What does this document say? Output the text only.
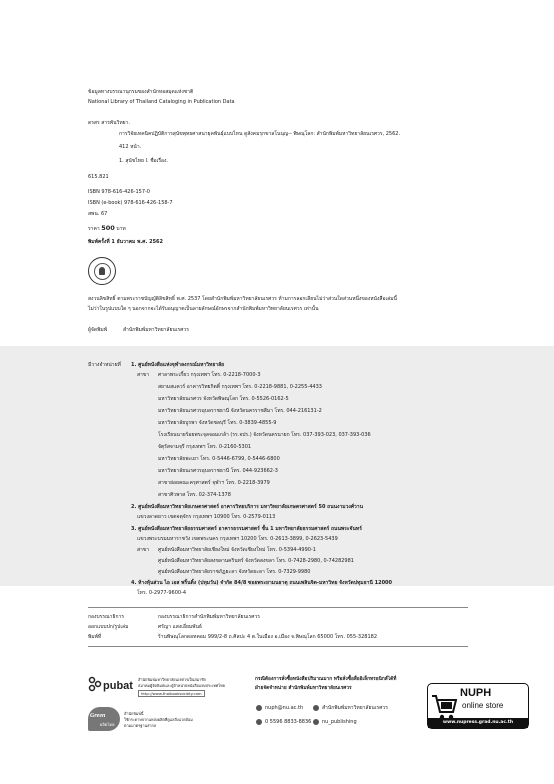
ข้อมูลทางบรรณานุกรมของสำนักหอสมุดแห่งชาติ
National Library of Thailand Cataloging in Publication Data
ดรสร สารพันวิทยา.
การวิจัยเทคนิคปฏิบัติการสุนัขพุทธศาสนายุคพันธุ์แบบไหน ดูสังคมรุกขาลโนนุญ-- พิษณุโลก: สำนักพิมพ์มหาวิทยาลัยนเรศวร, 2562.
412 หน้า.
1. สุนัขไทย I. ชื่อเรื่อง.
615.821
ISBN 978-616-426-157-0
ISBN (e-book) 978-616-426-158-7
สพน. 67
ราคา 500 บาท
พิมพ์ครั้งที่ 1 ธันวาคม พ.ศ. 2562
สงวนลิขสิทธิ์ ตามพระราชบัญญัติลิขสิทธิ์ พ.ศ. 2537 โดยสำนักพิมพ์มหาวิทยาลัยนเรศวร ห้ามการลอกเลียนไม่ว่าส่วนใดส่วนหนึ่งของหนังสือเล่มนี้
ไม่ว่าในรูปแบบใด ๆ นอกจากจะได้รับอนุญาตเป็นลายลักษณ์อักษรจากสำนักพิมพ์มหาวิทยาลัยนเรศวร เท่านั้น
ผู้จัดพิมพ์	สำนักพิมพ์มหาวิทยาลัยนเรศวร
มีวางจำหน่ายที่ 1. ศูนย์หนังสือแห่งจุฬาลงกรณ์มหาวิทยาลัย
สาขา ศาลาพระเกี้ยว กรุงเทพฯ โทร. 0-2218-7000-3
สยามสแควร์ อาคารวิทยกิตติ์ กรุงเทพฯ โทร. 0-2218-9881, 0-2255-4433
มหาวิทยาลัยนเรศวร จังหวัดพิษณุโลก โทร. 0-5526-0162-5
มหาวิทยาลัยนเรศวรอุบลราชธานี จังหวัดนครราชสีมา โทร. 044-216131-2
มหาวิทยาลัยบูรพา จังหวัดชลบุรี โทร. 0-3839-4855-9
โรงเรียนนายร้อยพระจุลจอมเกล้า (รร.จปร.) จังหวัดนครนายก โทร. 037-393-023, 037-393-036
จัตุรัสจามจุรี กรุงเทพฯ โทร. 0-2160-5301
มหาวิทยาลัยพะเยา โทร. 0-5446-6799, 0-5446-6800
มหาวิทยาลัยนเรศวรอุบลราชธานี โทร. 044-923662-3
สาขาย่อยคณะครุศาสตร์ จุฬาฯ โทร. 0-2218-3979
สาขาศิวพาส โทร. 02-374-1378
2. ศูนย์หนังสือมหาวิทยาลัยเกษตรศาสตร์ อาคารวิทยบริการ มหาวิทยาลัยเกษตรศาสตร์ 50 ถนนงามวงศ์วาน
แขวงลาดยาว เขตจตุจักร กรุงเทพฯ 10900 โทร. 0-2579-0113
3. ศูนย์หนังสือมหาวิทยาลัยธรรมศาสตร์ อาคารธรรมศาสตร์ ชั้น 1 มหาวิทยาลัยธรรมศาสตร์ ถนนพระจันทร์
แขวงพระบรมมหาราชวัง เขตพระนคร กรุงเทพฯ 10200 โทร. 0-2613-3899, 0-2623-5439
สาขา ศูนย์หนังสือมหาวิทยาลัยเชียงใหม่ จังหวัดเชียงใหม่ โทร. 0-5394-4990-1
ศูนย์หนังสือมหาวิทยาลัยสงขลานครินทร์ จังหวัดสงขลา โทร. 0-7428-2980, 0-74282981
ศูนย์หนังสือมหาวิทยาลัยราชภัฏยะลา จังหวัดยะลา โทร. 0-7329-9980
4. ห้างหุ้นส่วน ไอ เอส พริ้นติ้ง (ปทุมวัน) จำกัด 84/8 ซอยพระยามนธาตุ ถนนเพลินจิต-มหาวิทย จังหวัดปทุมธานี 12000
โทร. 0-2977-9600-4
กองบรรณาธิการ	กองบรรณาธิการสำนักพิมพ์มหาวิทยาลัยนเรศวร
ออกแบบปก/รูปเล่ม	ศรัญา แสงเอี่ยมพันธ์
พิมพ์ที่	ร้านพิษณุโลกดอทคอม 999/2-8 ถ.ศิลปะ 4 ต.ในเมือง อ.เมือง จ.พิษณุโลก 65000 โทร. 055-328182
pubat
สำนักพิมพ์มหาวิทยาลัยนเรศวรเป็นสมาชิก
สมาคมผู้จัดพิมพ์และผู้จำหน่ายหนังสือแห่งประเทศไทย
http://www.thaibooksociety.com
Green
ผลิตโดย
สำนักพิมพ์นี้
ใช้กระดาษจากแหล่งผลิตที่ดูแลสิ่งแวดล้อม
ตามมาตรฐานสากล
กรณีต้องการสั่งซื้อหนังสือปริมาณมาก หรือสั่งซื้อสื่ออิเล็กทรอนิกส์ได้ที่
ฝ่ายจัดจำหน่าย สำนักพิมพ์มหาวิทยาลัยนเรศวร
nuph@nu.ac.th	สำนักพิมพ์มหาวิทยาลัยนเรศวร
0 5596 8833-8836 nu_publishing
NUPH
online store
www.nupress.grad.nu.ac.th
